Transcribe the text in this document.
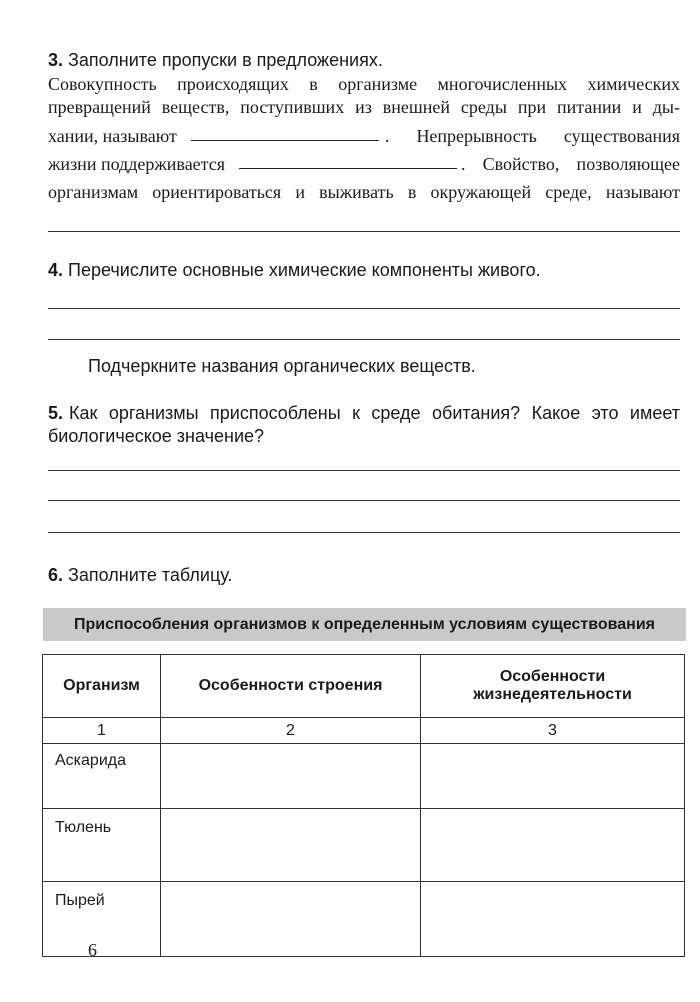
3. Заполните пропуски в предложениях.
Совокупность происходящих в организме многочисленных химических
превращений веществ, поступивших из внешней среды при питании и ды-
хании, называют	. Непрерывность существования
жизни поддерживается	. Свойство, позволяющее
организмам ориентироваться и выживать в окружающей среде, называют
4. Перечислите основные химические компоненты живого.
Подчеркните названия органических веществ.
5. Как организмы приспособлены к среде обитания? Какое это имеет
биологическое значение?
6. Заполните таблицу.
Приспособления организмов к определенным условиям существования
Организм	Особенности строения	Особенности жизнедеятельности
1	2	3
Аскарида		
Тюлень		
Пырей		
6
